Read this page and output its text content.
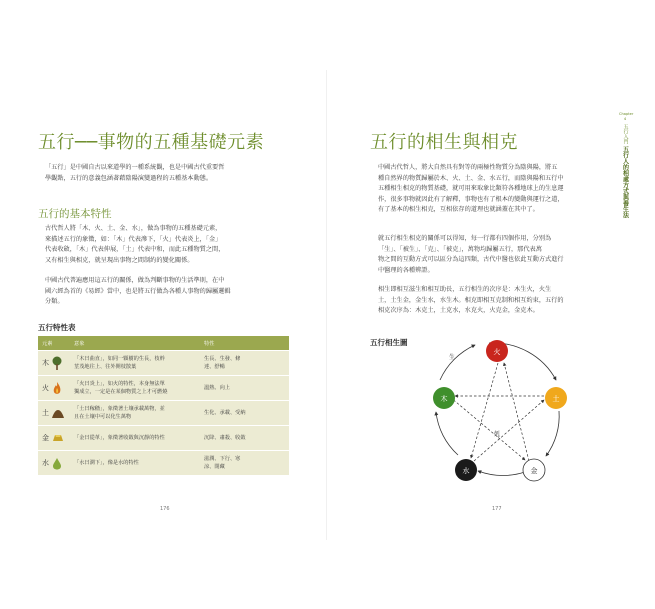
五行──事物的五種基礎元素
「五行」是中國自古以來道學的一種系統觀，也是中國古代重要哲
學觀點，五行的意義包涵著藉陰陽演變過程的五種基本動態。
五行的基本特性
古代哲人將「木、火、土、金、水」，做為事物的五種基礎元素，
來描述五行的象徵，如：「木」代表滲下，「火」代表炎上，「金」
代表收斂，「木」代表伸展，「土」代表中和，而此五種物質之間，
又有相生與相克，就呈現出事物之間制約的變化關係。
中國古代普遍應用這五行的關係，做為判斷事物的生活準則，在中
國六經為首的《易經》當中，也是將五行做為各種人事物的歸屬邏輯
分類。
五行特性表
元素	意象	特性
木	「木曰曲直」，如同一顆樹的生長，枝幹
莖茂地往上、往外開枝散葉	生長、生發、條
達、舒暢

火	「火曰炎上」，如火的特性，本身無法單
獨成立，一定是在某個物質之上才可燃燒	溫熱、向上

土	「土曰稼穡」，象徵著土壤承載萬物，並
且在土壤中可以化生萬物	生化、承載、受納

金	「金曰從革」，象徵著收斂與沉靜的特性	沉降、肅殺、收斂

水	「水曰潤下」，像是水的特性	滋潤、下行、寒
涼、閉藏
176
五行的相生與相克
Chapter 4
五行入門
五行人的相處方式與養生法
中國古代哲人，將大自然具有對等的兩極性物質分為陰與陽，將五
種自然界的物質歸屬於木、火、土、金、水五行，而陰與陽和五行中
五種相生相克的物質基礎，就可用來取象比類符各種地球上的生息運
作，很多事物就因此有了解釋，事物也有了根本的變動與運行之道，
有了基本的相生相克，互相依存的道理也就涵蓋在其中了。
就五行相生相克的關係可以得知，每一行都有四個作用，分別為
「生」、「被生」、「克」、「被克」，萬物均歸屬五行，那代表萬
物之間的互動方式可以區分為這四類，古代中醫也依此互動方式進行
中醫理的各種辨證。
相生即相互滋生和相互助長，五行相生的次序是：木生火，火生
土，土生金，金生水，水生木。相克即相互克制和相互約束，五行的
相克次序為：木克土，土克水，水克火，火克金，金克木。
五行相生圖
生
剋
火
土
金
水
木
177
